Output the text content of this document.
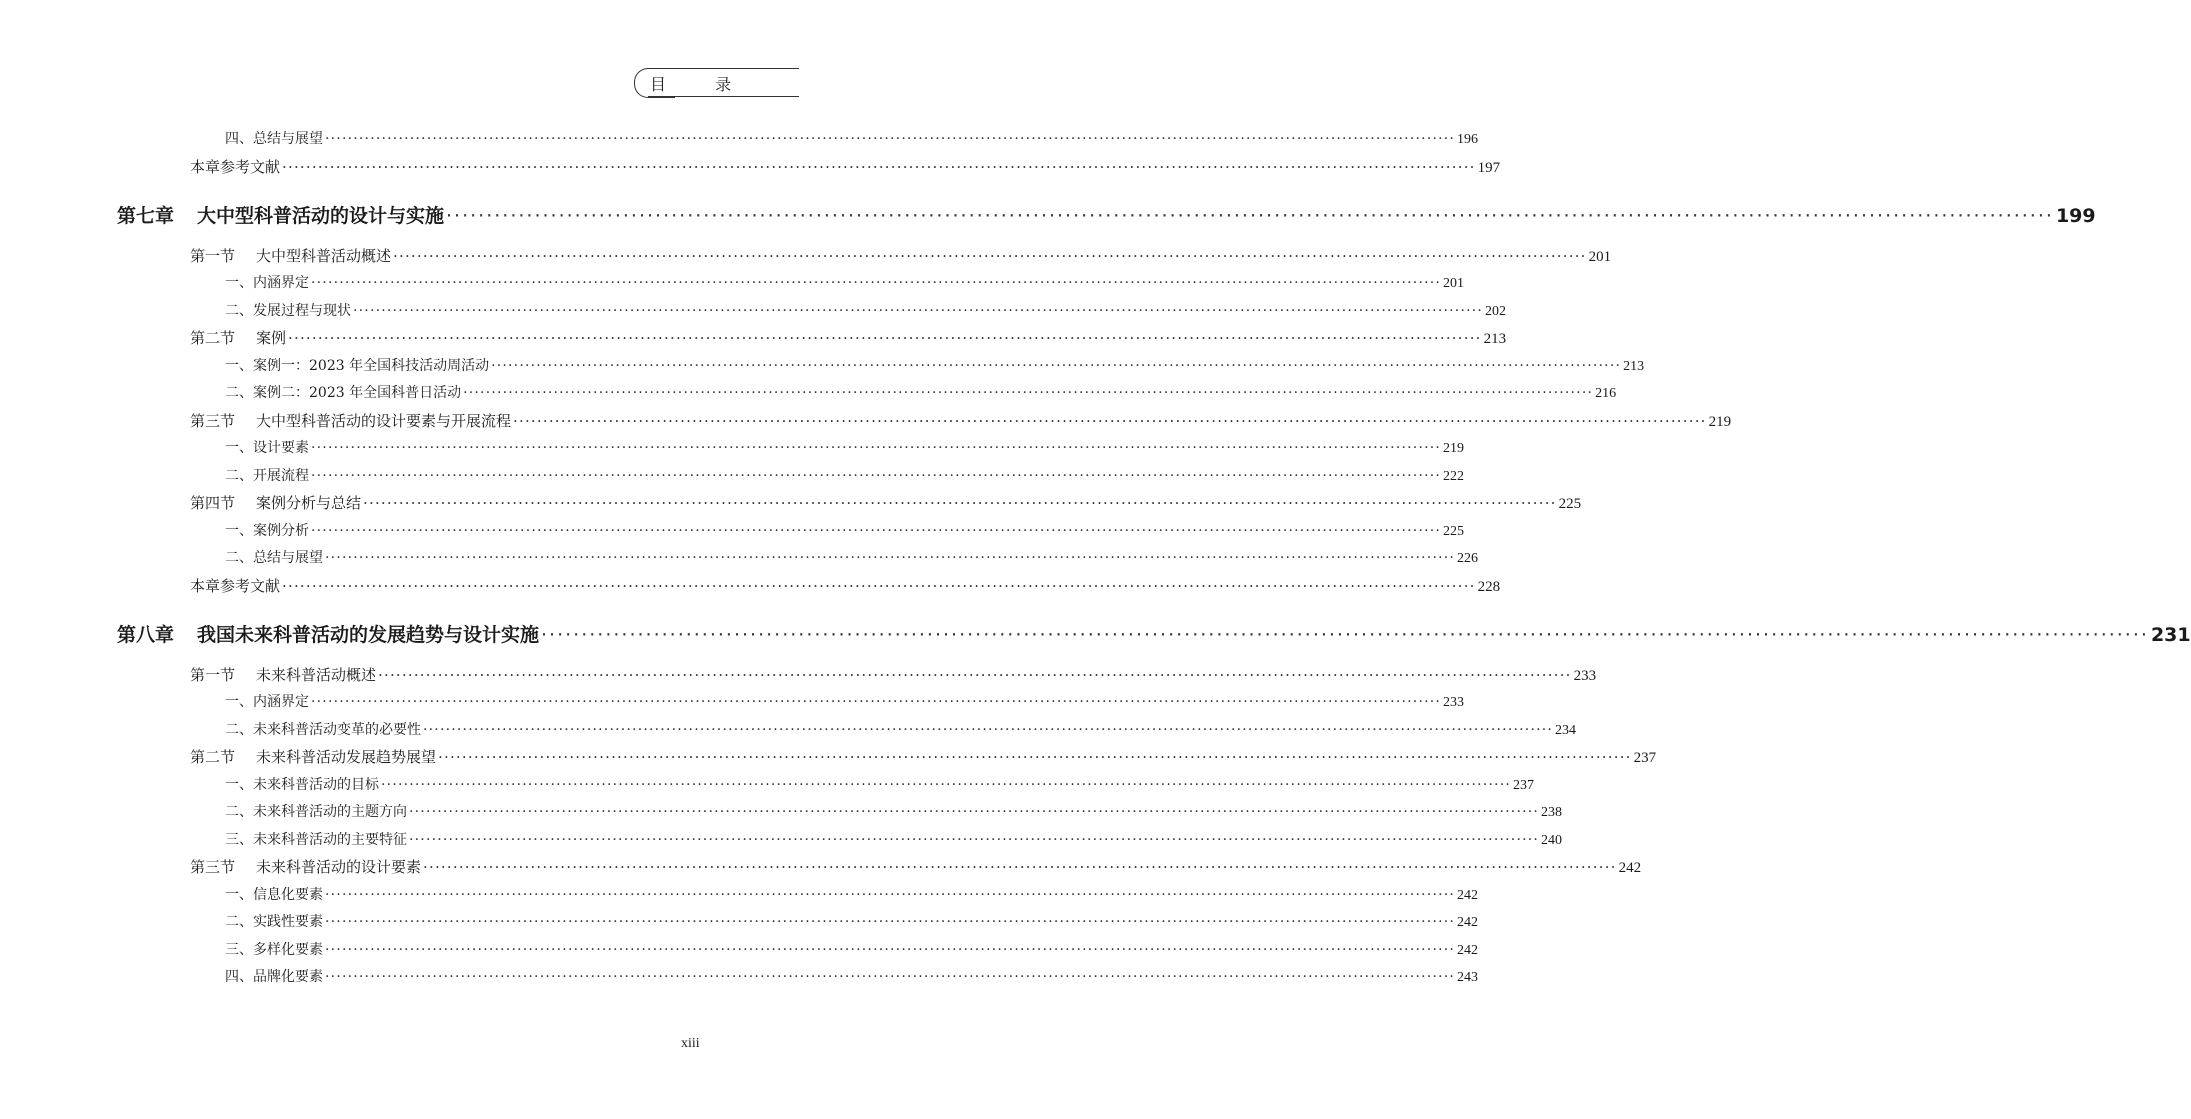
目 录
四、总结与展望 ········································································································································································································ 196
本章参考文献 ········································································································································································································ 197
第七章 大中型科普活动的设计与实施 ········································································································································································································ 199
第一节 大中型科普活动概述 ········································································································································································································ 201
一、内涵界定 ········································································································································································································ 201
二、发展过程与现状 ········································································································································································································ 202
第二节 案例 ········································································································································································································ 213
一、案例一：2023 年全国科技活动周活动 ········································································································································································································ 213
二、案例二：2023 年全国科普日活动 ········································································································································································································ 216
第三节 大中型科普活动的设计要素与开展流程 ········································································································································································································ 219
一、设计要素 ········································································································································································································ 219
二、开展流程 ········································································································································································································ 222
第四节 案例分析与总结 ········································································································································································································ 225
一、案例分析 ········································································································································································································ 225
二、总结与展望 ········································································································································································································ 226
本章参考文献 ········································································································································································································ 228
第八章 我国未来科普活动的发展趋势与设计实施 ········································································································································································································ 231
第一节 未来科普活动概述 ········································································································································································································ 233
一、内涵界定 ········································································································································································································ 233
二、未来科普活动变革的必要性 ········································································································································································································ 234
第二节 未来科普活动发展趋势展望 ········································································································································································································ 237
一、未来科普活动的目标 ········································································································································································································ 237
二、未来科普活动的主题方向 ········································································································································································································ 238
三、未来科普活动的主要特征 ········································································································································································································ 240
第三节 未来科普活动的设计要素 ········································································································································································································ 242
一、信息化要素 ········································································································································································································ 242
二、实践性要素 ········································································································································································································ 242
三、多样化要素 ········································································································································································································ 242
四、品牌化要素 ········································································································································································································ 243
xiii
